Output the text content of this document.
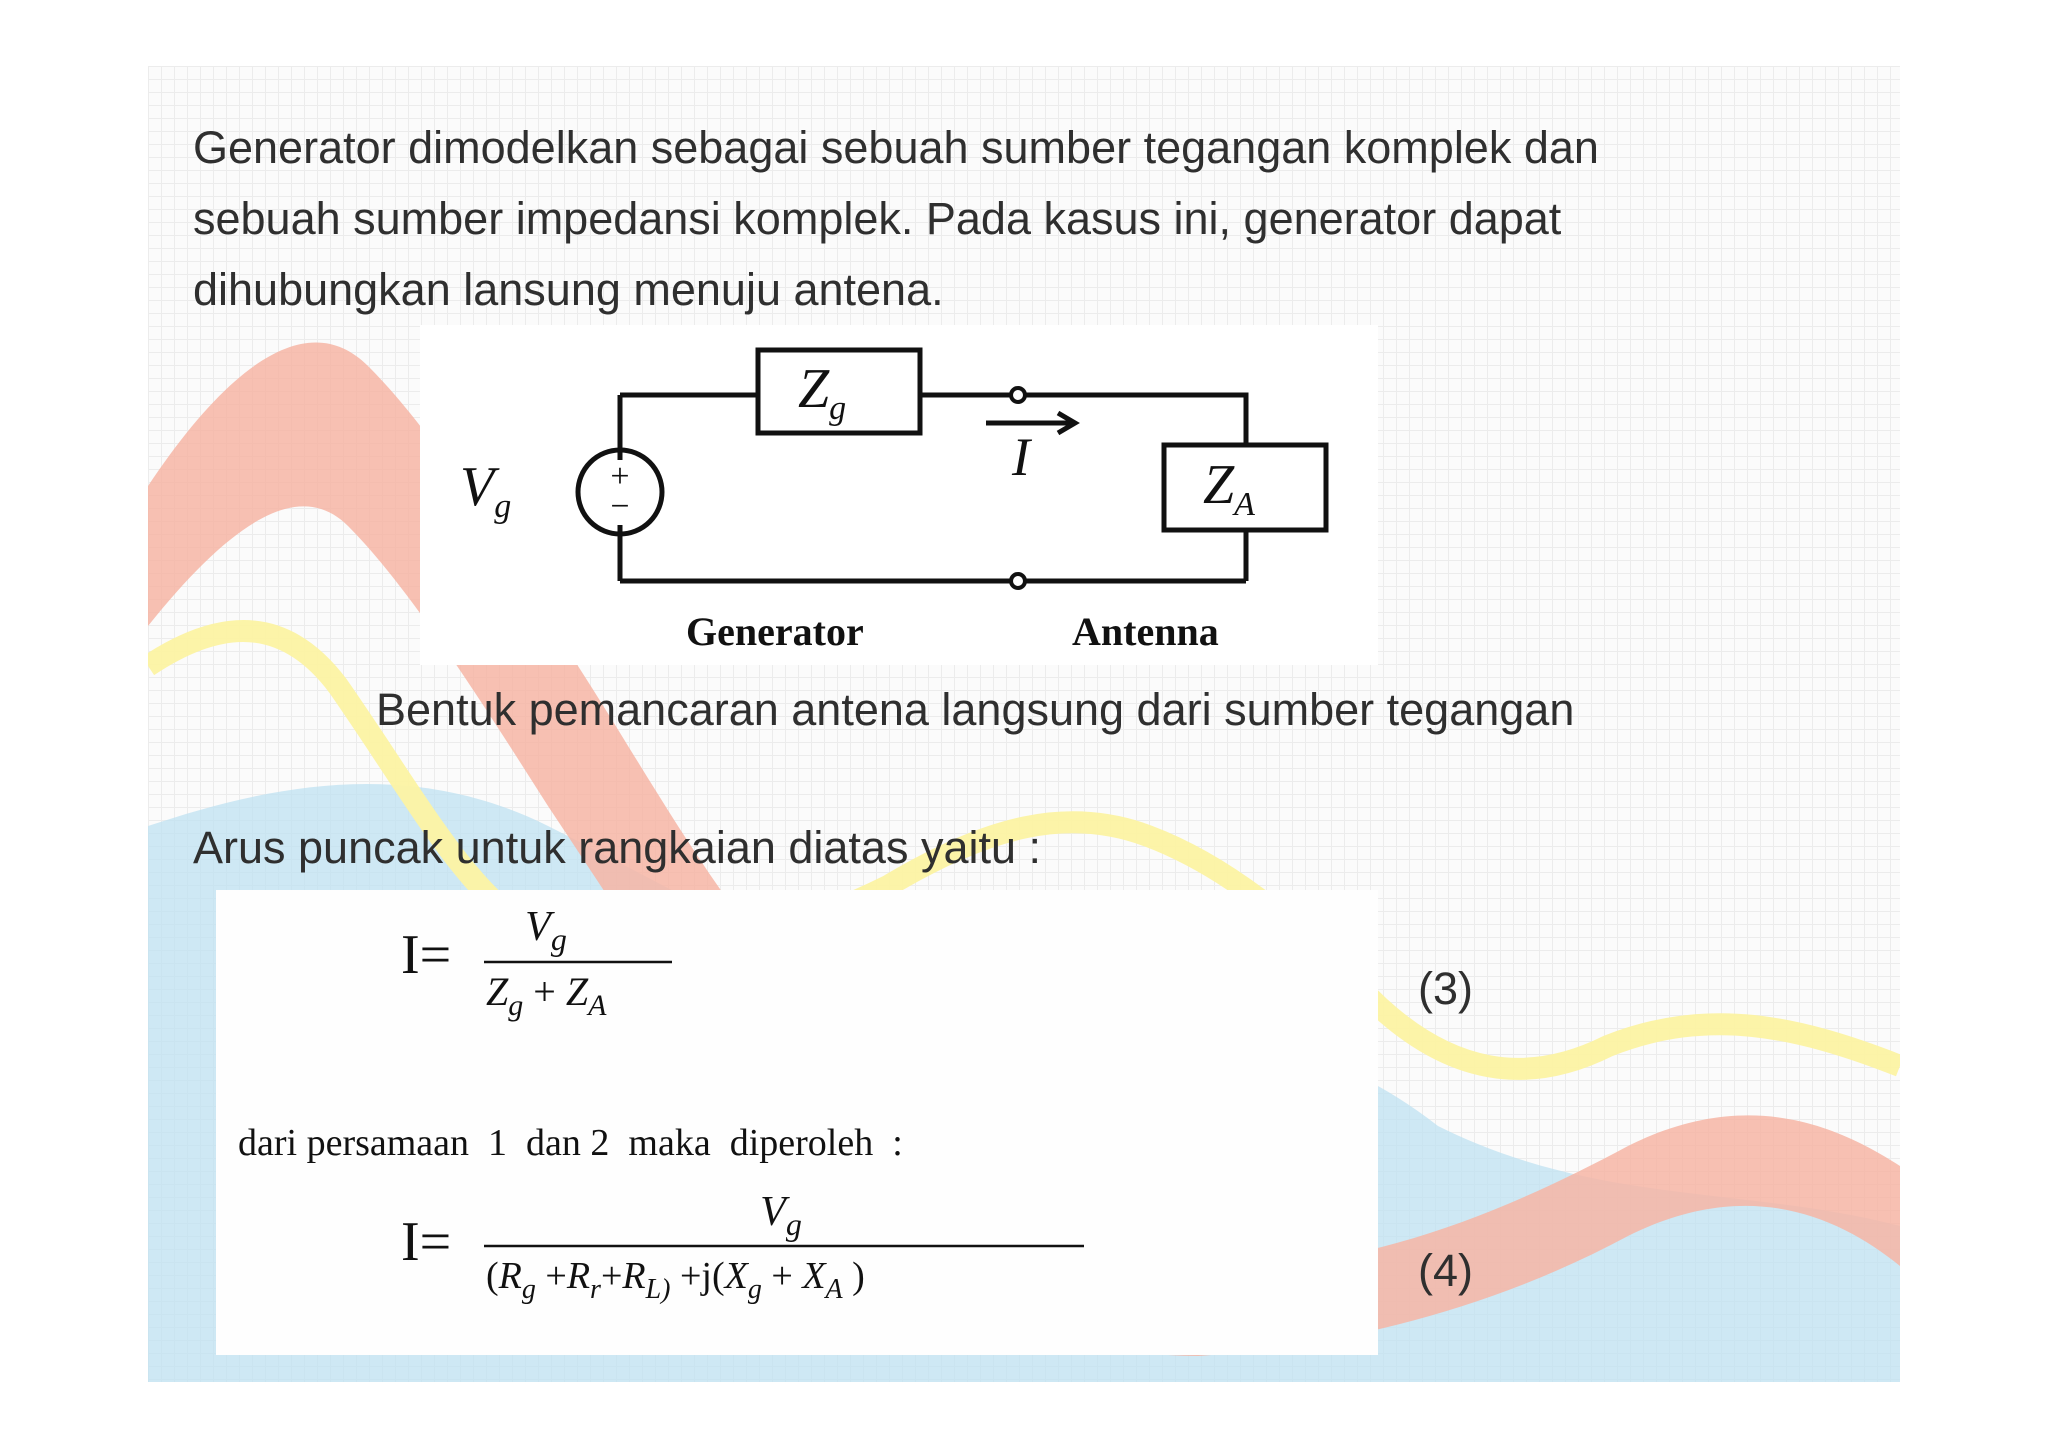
Generator dimodelkan sebagai sebuah sumber tegangan komplek dan
sebuah sumber impedansi komplek. Pada kasus ini, generator dapat
dihubungkan lansung menuju antena.

+
−
$Z_g$
$Z_A$
$V_g$
I
Generator	Antenna

Bentuk pemancaran antena langsung dari sumber tegangan

Arus puncak untuk rangkaian diatas yaitu :

$I= V_g$
$Z_g + Z_A$
dari persamaan  1  dan 2  maka  diperoleh  :
I=	$V_g$
($R_g +R_r+R_{L)} +j(X_g + X_A$ )
(3)
(4)
